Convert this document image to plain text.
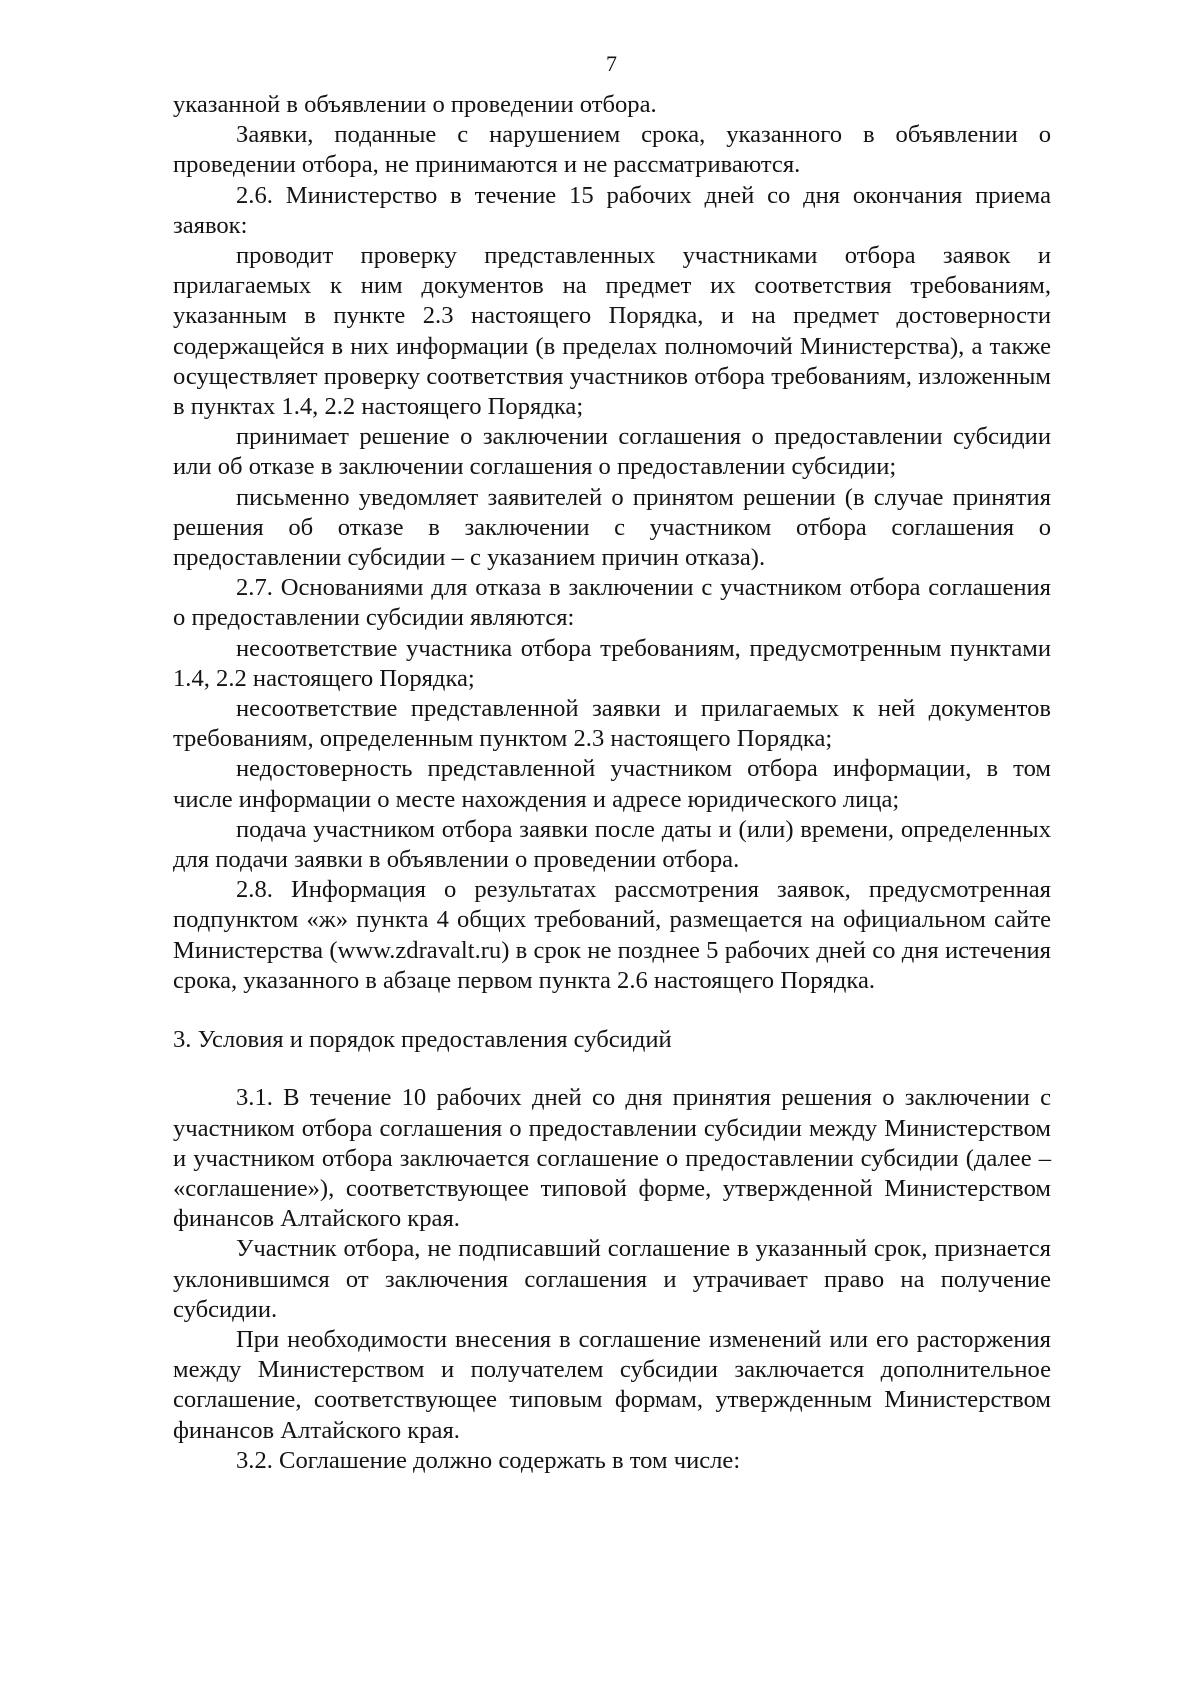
7

указанной в объявлении о проведении отбора.

Заявки, поданные с нарушением срока, указанного в объявлении о проведении отбора, не принимаются и не рассматриваются.

2.6. Министерство в течение 15 рабочих дней со дня окончания приема заявок:

проводит проверку представленных участниками отбора заявок и прилагаемых к ним документов на предмет их соответствия требованиям, указанным в пункте 2.3 настоящего Порядка, и на предмет достоверности содержащейся в них информации (в пределах полномочий Министерства), а также осуществляет проверку соответствия участников отбора требованиям, изложенным в пунктах 1.4, 2.2 настоящего Порядка;

принимает решение о заключении соглашения о предоставлении субсидии или об отказе в заключении соглашения о предоставлении субсидии;

письменно уведомляет заявителей о принятом решении (в случае принятия решения об отказе в заключении с участником отбора соглашения о предоставлении субсидии – с указанием причин отказа).

2.7. Основаниями для отказа в заключении с участником отбора соглашения о предоставлении субсидии являются:

несоответствие участника отбора требованиям, предусмотренным пунктами 1.4, 2.2 настоящего Порядка;

несоответствие представленной заявки и прилагаемых к ней документов требованиям, определенным пунктом 2.3 настоящего Порядка;

недостоверность представленной участником отбора информации, в том числе информации о месте нахождения и адресе юридического лица;

подача участником отбора заявки после даты и (или) времени, определенных для подачи заявки в объявлении о проведении отбора.

2.8. Информация о результатах рассмотрения заявок, предусмотренная подпунктом «ж» пункта 4 общих требований, размещается на официальном сайте Министерства (www.zdravalt.ru) в срок не позднее 5 рабочих дней со дня истечения срока, указанного в абзаце первом пункта 2.6 настоящего Порядка.

3. Условия и порядок предоставления субсидий

3.1. В течение 10 рабочих дней со дня принятия решения о заключении с участником отбора соглашения о предоставлении субсидии между Министерством и участником отбора заключается соглашение о предоставлении субсидии (далее – «соглашение»), соответствующее типовой форме, утвержденной Министерством финансов Алтайского края.

Участник отбора, не подписавший соглашение в указанный срок, признается уклонившимся от заключения соглашения и утрачивает право на получение субсидии.

При необходимости внесения в соглашение изменений или его расторжения между Министерством и получателем субсидии заключается дополнительное соглашение, соответствующее типовым формам, утвержденным Министерством финансов Алтайского края.

3.2. Соглашение должно содержать в том числе:
